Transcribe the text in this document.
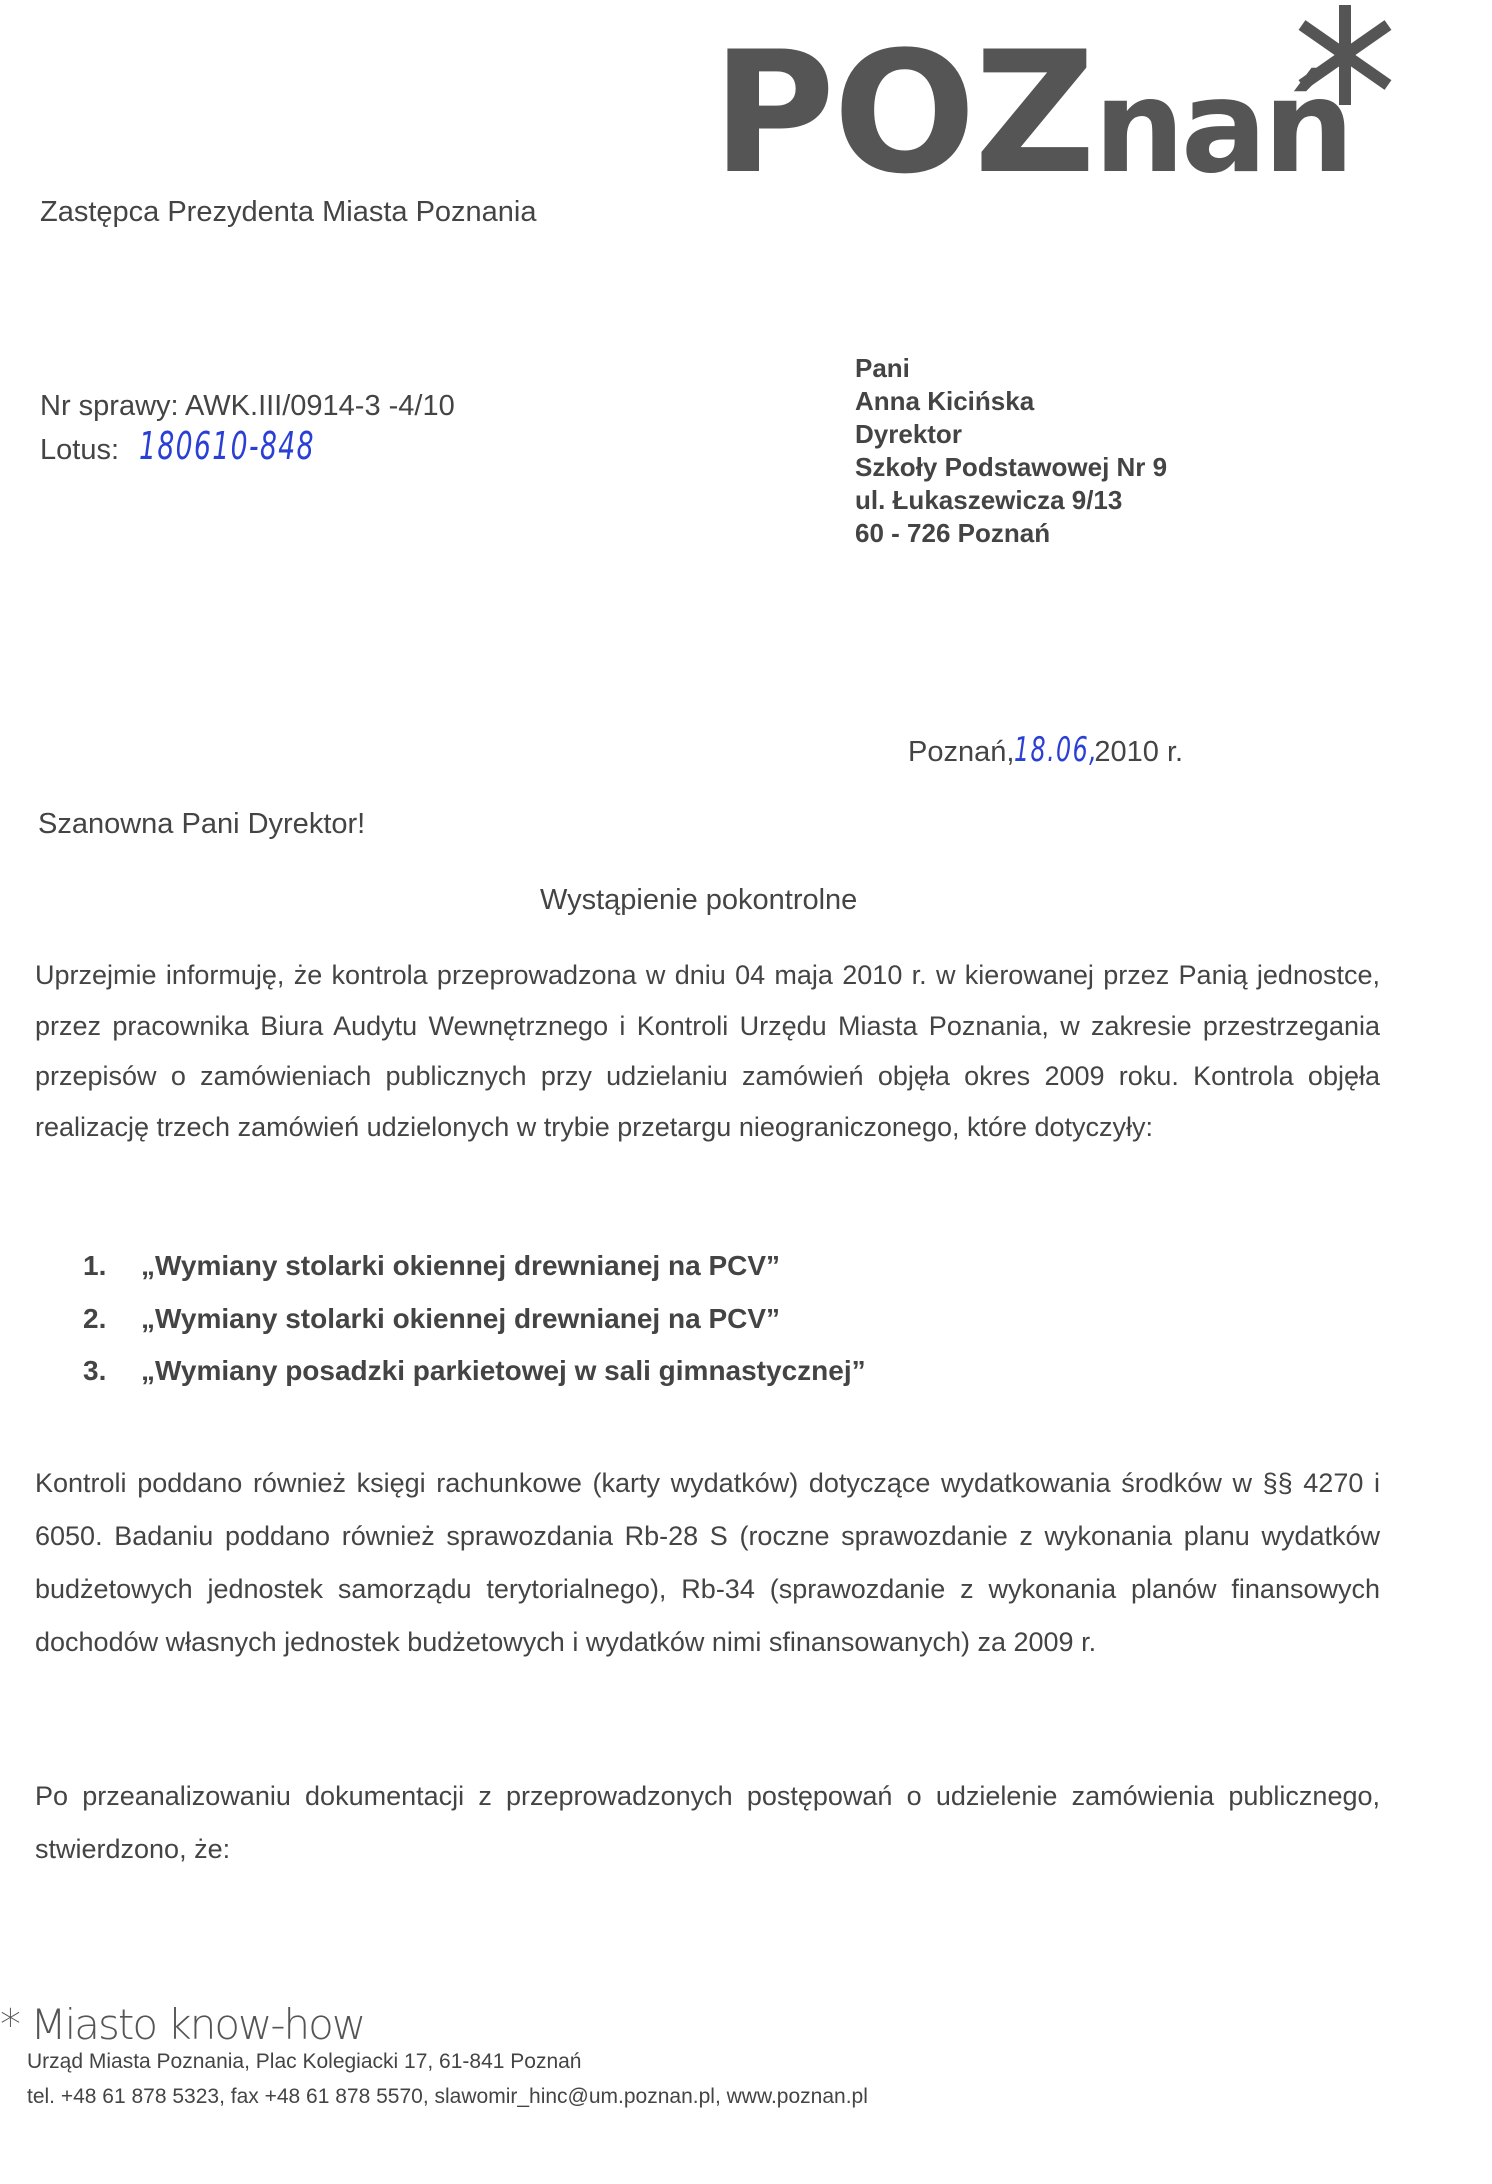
POZnań
Zastępca Prezydenta Miasta Poznania
Nr sprawy: AWK.III/0914-3 -4/10
Lotus: 180610-848
Pani
Anna Kicińska
Dyrektor
Szkoły Podstawowej Nr 9
ul. Łukaszewicza 9/13
60 - 726 Poznań
Poznań,18.06,2010 r.
Szanowna Pani Dyrektor!
Wystąpienie pokontrolne
Uprzejmie informuję, że kontrola przeprowadzona w dniu 04 maja 2010 r. w kierowanej przez Panią jednostce, przez pracownika Biura Audytu Wewnętrznego i Kontroli Urzędu Miasta Poznania, w zakresie przestrzegania przepisów o zamówieniach publicznych przy udzielaniu zamówień objęła okres 2009 roku. Kontrola objęła realizację trzech zamówień udzielonych w trybie przetargu nieograniczonego, które dotyczyły:
1. „Wymiany stolarki okiennej drewnianej na PCV”
2. „Wymiany stolarki okiennej drewnianej na PCV”
3. „Wymiany posadzki parkietowej w sali gimnastycznej”
Kontroli poddano również księgi rachunkowe (karty wydatków) dotyczące wydatkowania środków w §§ 4270 i 6050. Badaniu poddano również sprawozdania Rb-28 S (roczne sprawozdanie z wykonania planu wydatków budżetowych jednostek samorządu terytorialnego), Rb-34 (sprawozdanie z wykonania planów finansowych dochodów własnych jednostek budżetowych i wydatków nimi sfinansowanych) za 2009 r.
Po przeanalizowaniu dokumentacji z przeprowadzonych postępowań o udzielenie zamówienia publicznego, stwierdzono, że:
* Miasto know-how
Urząd Miasta Poznania, Plac Kolegiacki 17, 61-841 Poznań
tel. +48 61 878 5323, fax +48 61 878 5570, slawomir_hinc@um.poznan.pl, www.poznan.pl
